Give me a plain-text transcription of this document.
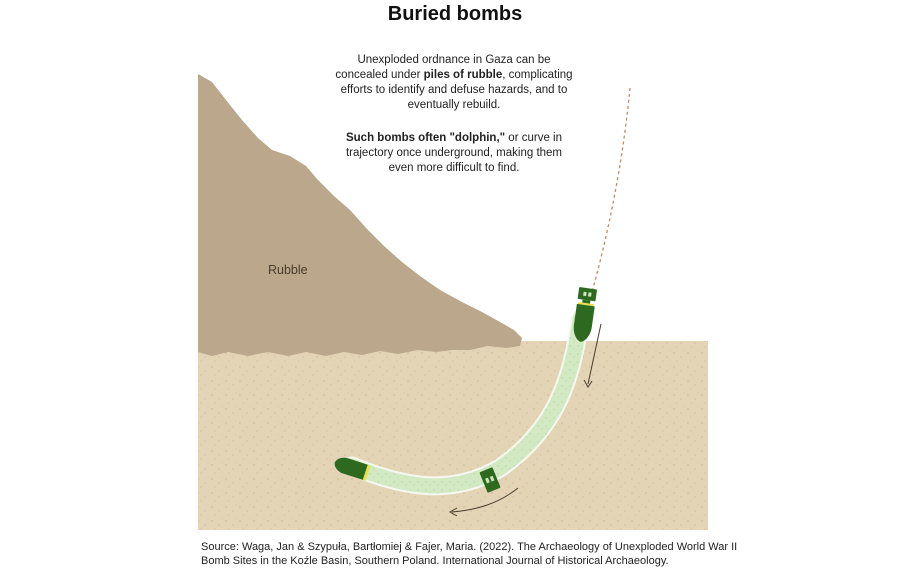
Buried bombs
Unexploded ordnance in Gaza can be concealed under piles of rubble, complicating efforts to identify and defuse hazards, and to eventually rebuild.
Such bombs often "dolphin," or curve in trajectory once underground, making them even more difficult to find.
Rubble
Source: Waga, Jan & Szypuła, Bartłomiej & Fajer, Maria. (2022). The Archaeology of Unexploded World War II Bomb Sites in the Koźle Basin, Southern Poland. International Journal of Historical Archaeology.
